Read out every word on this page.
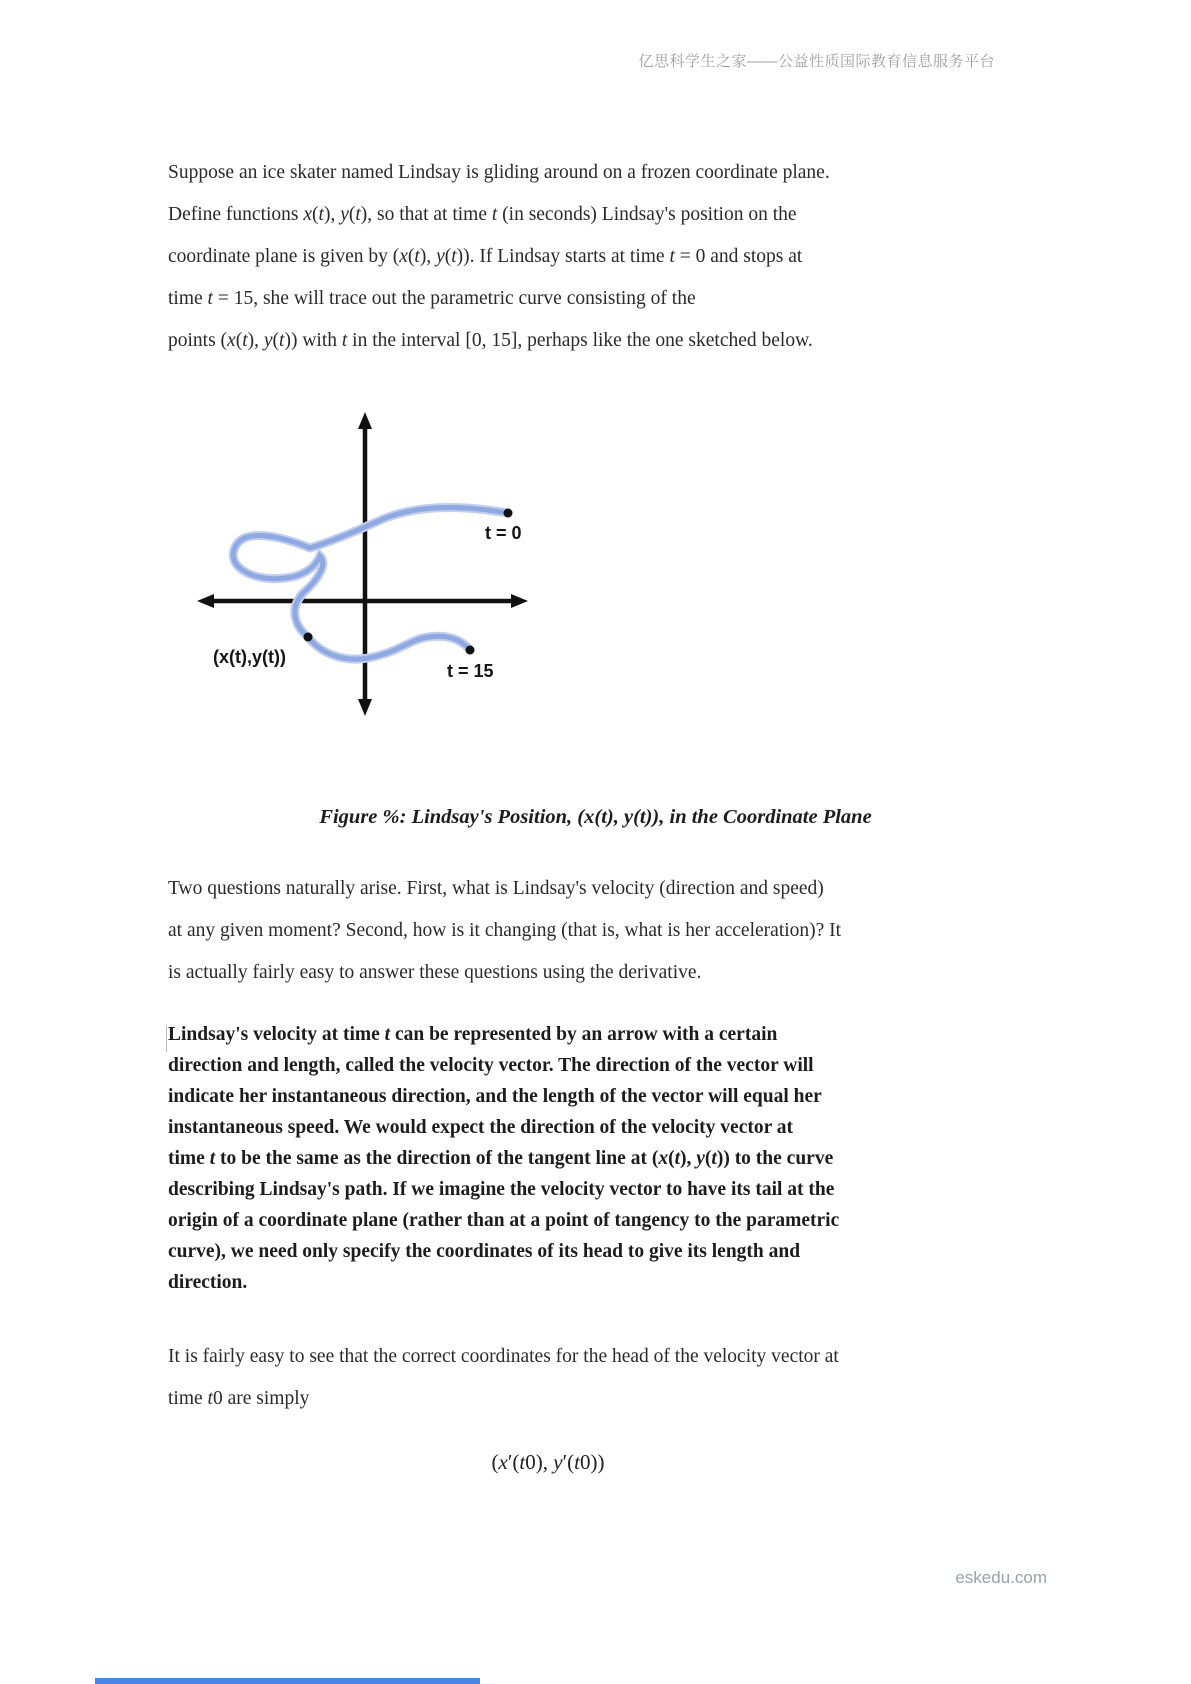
亿思科学生之家——公益性质国际教育信息服务平台
Suppose an ice skater named Lindsay is gliding around on a frozen coordinate plane.
Define functions x(t), y(t), so that at time t (in seconds) Lindsay's position on the
coordinate plane is given by (x(t), y(t)). If Lindsay starts at time t = 0 and stops at
time t = 15, she will trace out the parametric curve consisting of the
points (x(t), y(t)) with t in the interval [0, 15], perhaps like the one sketched below.
t = 0
t = 15
(x(t),y(t))
Figure %: Lindsay's Position, (x(t), y(t)), in the Coordinate Plane
Two questions naturally arise. First, what is Lindsay's velocity (direction and speed)
at any given moment? Second, how is it changing (that is, what is her acceleration)? It
is actually fairly easy to answer these questions using the derivative.
Lindsay's velocity at time t can be represented by an arrow with a certain
direction and length, called the velocity vector. The direction of the vector will
indicate her instantaneous direction, and the length of the vector will equal her
instantaneous speed. We would expect the direction of the velocity vector at
time t to be the same as the direction of the tangent line at (x(t), y(t)) to the curve
describing Lindsay's path. If we imagine the velocity vector to have its tail at the
origin of a coordinate plane (rather than at a point of tangency to the parametric
curve), we need only specify the coordinates of its head to give its length and
direction.
It is fairly easy to see that the correct coordinates for the head of the velocity vector at
time t0 are simply
(x′(t0), y′(t0))
eskedu.com
